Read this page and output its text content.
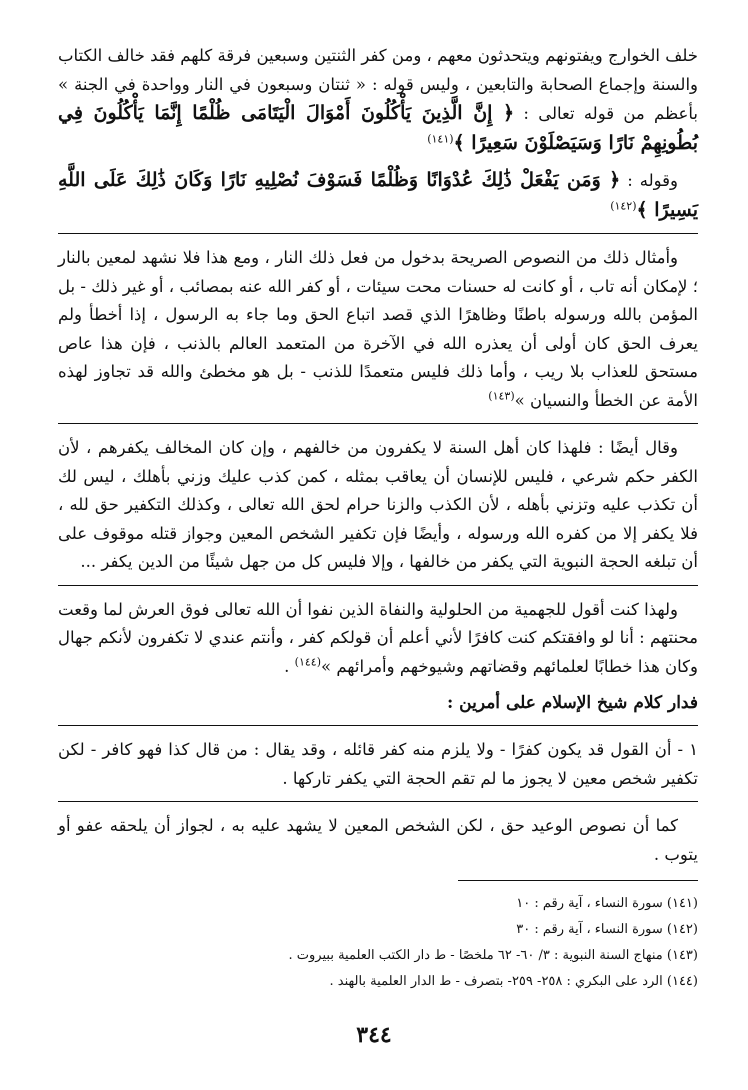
خلف الخوارج ويفتونهم ويتحدثون معهم ، ومن كفر الثنتين وسبعين فرقة كلهم فقد خالف الكتاب والسنة وإجماع الصحابة والتابعين ، وليس قوله : « ثنتان وسبعون في النار وواحدة في الجنة » بأعظم من قوله تعالى : ﴿ إِنَّ الَّذِينَ يَأْكُلُونَ أَمْوَالَ الْيَتَامَى ظُلْمًا إِنَّمَا يَأْكُلُونَ فِي بُطُونِهِمْ نَارًا وَسَيَصْلَوْنَ سَعِيرًا ﴾$^{(١٤١)}$

وقوله : ﴿ وَمَن يَفْعَلْ ذَٰلِكَ عُدْوَانًا وَظُلْمًا فَسَوْفَ نُصْلِيهِ نَارًا وَكَانَ ذَٰلِكَ عَلَى اللَّهِ يَسِيرًا ﴾$^{(١٤٢)}$

وأمثال ذلك من النصوص الصريحة بدخول من فعل ذلك النار ، ومع هذا فلا نشهد لمعين بالنار ؛ لإمكان أنه تاب ، أو كانت له حسنات محت سيئات ، أو كفر الله عنه بمصائب ، أو غير ذلك - بل المؤمن بالله ورسوله باطنًا وظاهرًا الذي قصد اتباع الحق وما جاء به الرسول ، إذا أخطأ ولم يعرف الحق كان أولى أن يعذره الله في الآخرة من المتعمد العالم بالذنب ، فإن هذا عاص مستحق للعذاب بلا ريب ، وأما ذلك فليس متعمدًا للذنب - بل هو مخطئ والله قد تجاوز لهذه الأمة عن الخطأ والنسيان »$^{(١٤٣)}$

وقال أيضًا : فلهذا كان أهل السنة لا يكفرون من خالفهم ، وإن كان المخالف يكفرهم ، لأن الكفر حكم شرعي ، فليس للإنسان أن يعاقب بمثله ، كمن كذب عليك وزني بأهلك ، ليس لك أن تكذب عليه وتزني بأهله ، لأن الكذب والزنا حرام لحق الله تعالى ، وكذلك التكفير حق لله ، فلا يكفر إلا من كفره الله ورسوله ، وأيضًا فإن تكفير الشخص المعين وجواز قتله موقوف على أن تبلغه الحجة النبوية التي يكفر من خالفها ، وإلا فليس كل من جهل شيئًا من الدين يكفر ...

ولهذا كنت أقول للجهمية من الحلولية والنفاة الذين نفوا أن الله تعالى فوق العرش لما وقعت محنتهم : أنا لو وافقتكم كنت كافرًا لأني أعلم أن قولكم كفر ، وأنتم عندي لا تكفرون لأنكم جهال وكان هذا خطابًا لعلمائهم وقضاتهم وشيوخهم وأمرائهم »$^{(١٤٤)}$ .

فدار كلام شيخ الإسلام على أمرين :

١ - أن القول قد يكون كفرًا - ولا يلزم منه كفر قائله ، وقد يقال : من قال كذا فهو كافر - لكن تكفير شخص معين لا يجوز ما لم تقم الحجة التي يكفر تاركها .

كما أن نصوص الوعيد حق ، لكن الشخص المعين لا يشهد عليه به ، لجواز أن يلحقه عفو أو يتوب .

(١٤١) سورة النساء ، آية رقم : ١٠
(١٤٢) سورة النساء ، آية رقم : ٣٠
(١٤٣) منهاج السنة النبوية : ٣/ ٦٠- ٦٢ ملخصًا - ط دار الكتب العلمية ببيروت .
(١٤٤) الرد على البكري : ٢٥٨- ٢٥٩- بتصرف - ط الدار العلمية بالهند .
٣٤٤
